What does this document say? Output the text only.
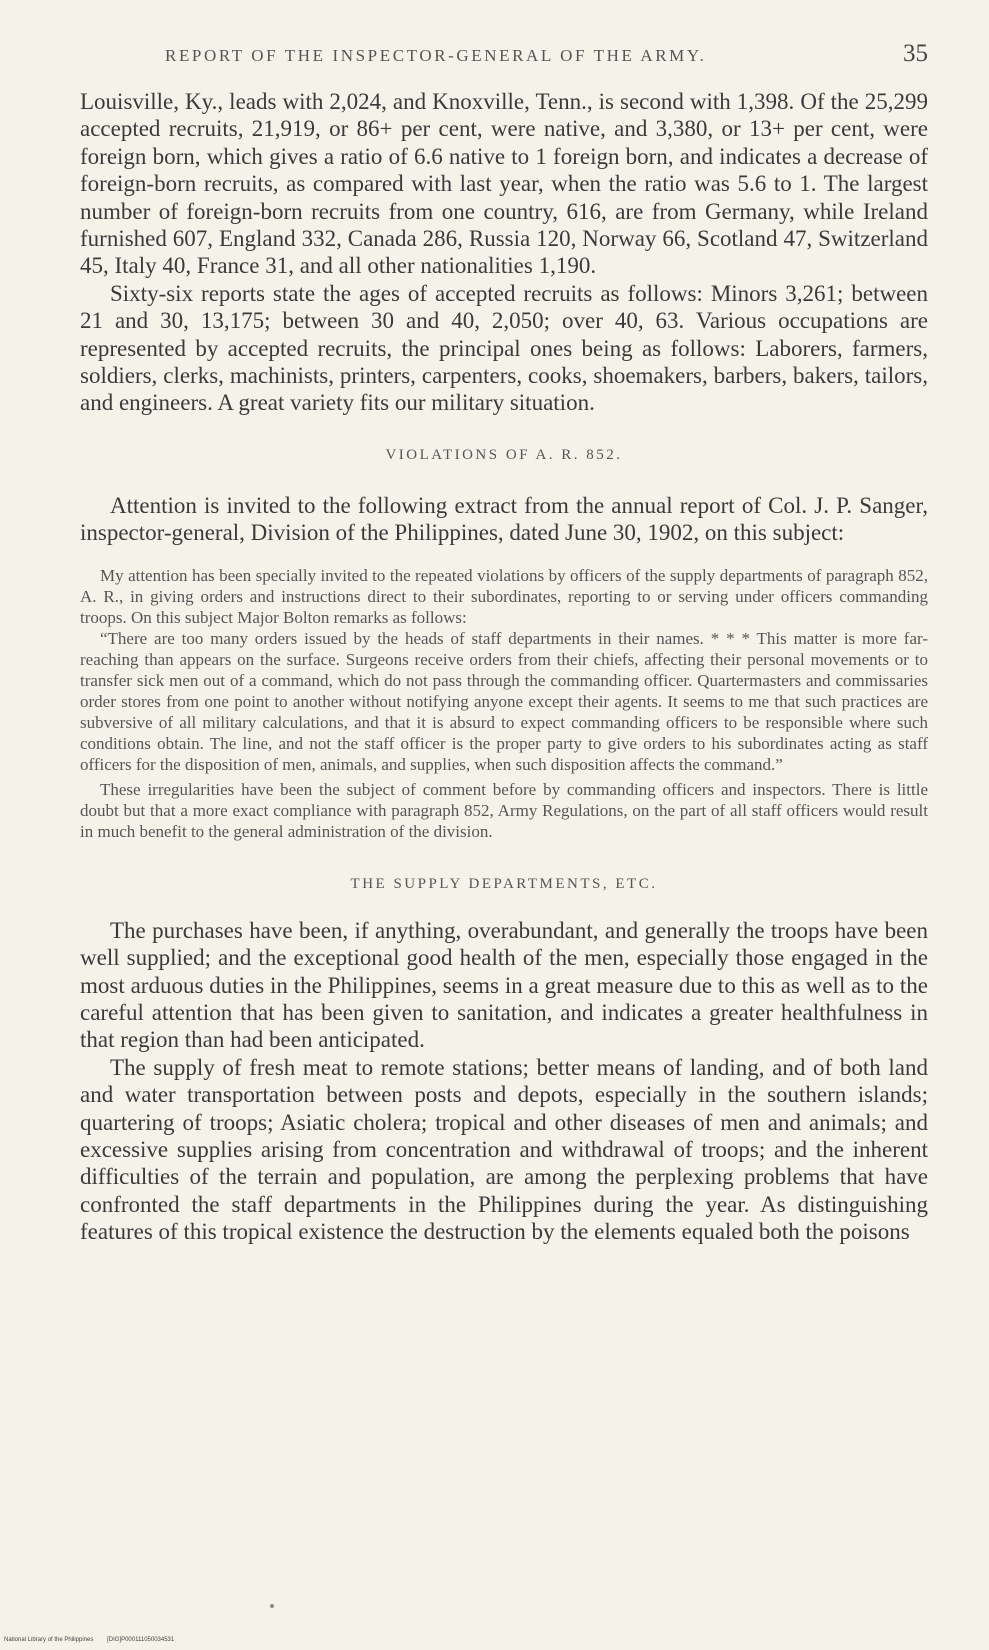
REPORT OF THE INSPECTOR-GENERAL OF THE ARMY.	35

Louisville, Ky., leads with 2,024, and Knoxville, Tenn., is second with 1,398. Of the 25,299 accepted recruits, 21,919, or 86+ per cent, were native, and 3,380, or 13+ per cent, were foreign born, which gives a ratio of 6.6 native to 1 foreign born, and indicates a decrease of foreign-born recruits, as compared with last year, when the ratio was 5.6 to 1. The largest number of foreign-born recruits from one country, 616, are from Germany, while Ireland furnished 607, England 332, Canada 286, Russia 120, Norway 66, Scotland 47, Switzerland 45, Italy 40, France 31, and all other nationalities 1,190.

Sixty-six reports state the ages of accepted recruits as follows: Minors 3,261; between 21 and 30, 13,175; between 30 and 40, 2,050; over 40, 63. Various occupations are represented by accepted recruits, the principal ones being as follows: Laborers, farmers, soldiers, clerks, machinists, printers, carpenters, cooks, shoemakers, barbers, bakers, tailors, and engineers. A great variety fits our military situation.

VIOLATIONS OF A. R. 852.

Attention is invited to the following extract from the annual report of Col. J. P. Sanger, inspector-general, Division of the Philippines, dated June 30, 1902, on this subject:

My attention has been specially invited to the repeated violations by officers of the supply departments of paragraph 852, A. R., in giving orders and instructions direct to their subordinates, reporting to or serving under officers commanding troops. On this subject Major Bolton remarks as follows:

“There are too many orders issued by the heads of staff departments in their names. * * * This matter is more far-reaching than appears on the surface. Surgeons receive orders from their chiefs, affecting their personal movements or to transfer sick men out of a command, which do not pass through the commanding officer. Quartermasters and commissaries order stores from one point to another without notifying anyone except their agents. It seems to me that such practices are subversive of all military calculations, and that it is absurd to expect commanding officers to be responsible where such conditions obtain. The line, and not the staff officer is the proper party to give orders to his subordinates acting as staff officers for the disposition of men, animals, and supplies, when such disposition affects the command.”

These irregularities have been the subject of comment before by commanding officers and inspectors. There is little doubt but that a more exact compliance with paragraph 852, Army Regulations, on the part of all staff officers would result in much benefit to the general administration of the division.

THE SUPPLY DEPARTMENTS, ETC.

The purchases have been, if anything, overabundant, and generally the troops have been well supplied; and the exceptional good health of the men, especially those engaged in the most arduous duties in the Philippines, seems in a great measure due to this as well as to the careful attention that has been given to sanitation, and indicates a greater healthfulness in that region than had been anticipated.

The supply of fresh meat to remote stations; better means of landing, and of both land and water transportation between posts and depots, especially in the southern islands; quartering of troops; Asiatic cholera; tropical and other diseases of men and animals; and excessive supplies arising from concentration and withdrawal of troops; and the inherent difficulties of the terrain and population, are among the perplexing problems that have confronted the staff departments in the Philippines during the year. As distinguishing features of this tropical existence the destruction by the elements equaled both the poisons

National Library of the Philippines [DIG]P000111050034531
